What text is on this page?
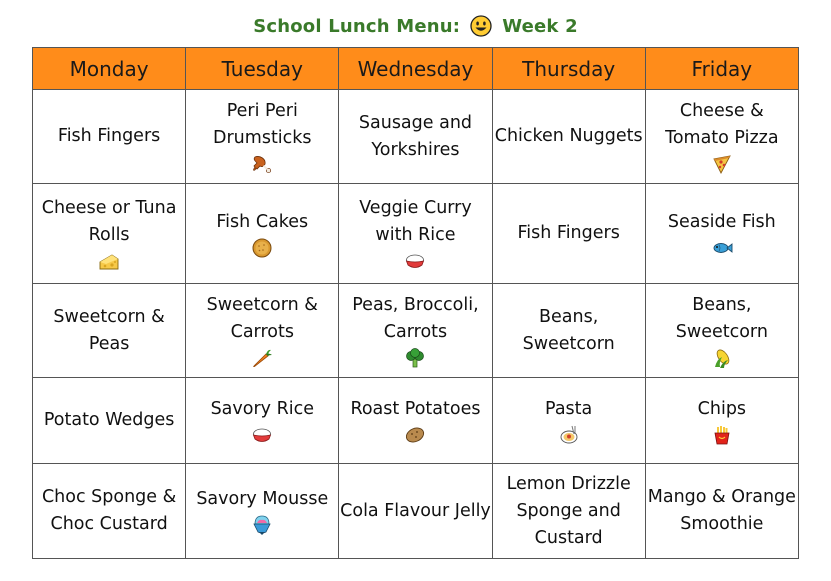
School Lunch Menu: Week 2
Monday	Tuesday	Wednesday	Thursday	Friday

Fish Fingers	Peri Peri Drumsticks	Sausage and Yorkshires	Chicken Nuggets	Cheese & Tomato Pizza

Cheese or Tuna Rolls	Fish Cakes	Veggie Curry with Rice	Fish Fingers	Seaside Fish

Sweetcorn & Peas	Sweetcorn & Carrots	Peas, Broccoli, Carrots	Beans, Sweetcorn	Beans, Sweetcorn

Potato Wedges	Savory Rice	Roast Potatoes	Pasta	Chips

Choc Sponge & Choc Custard	Savory Mousse	Cola Flavour Jelly	Lemon Drizzle Sponge and Custard	Mango & Orange Smoothie
